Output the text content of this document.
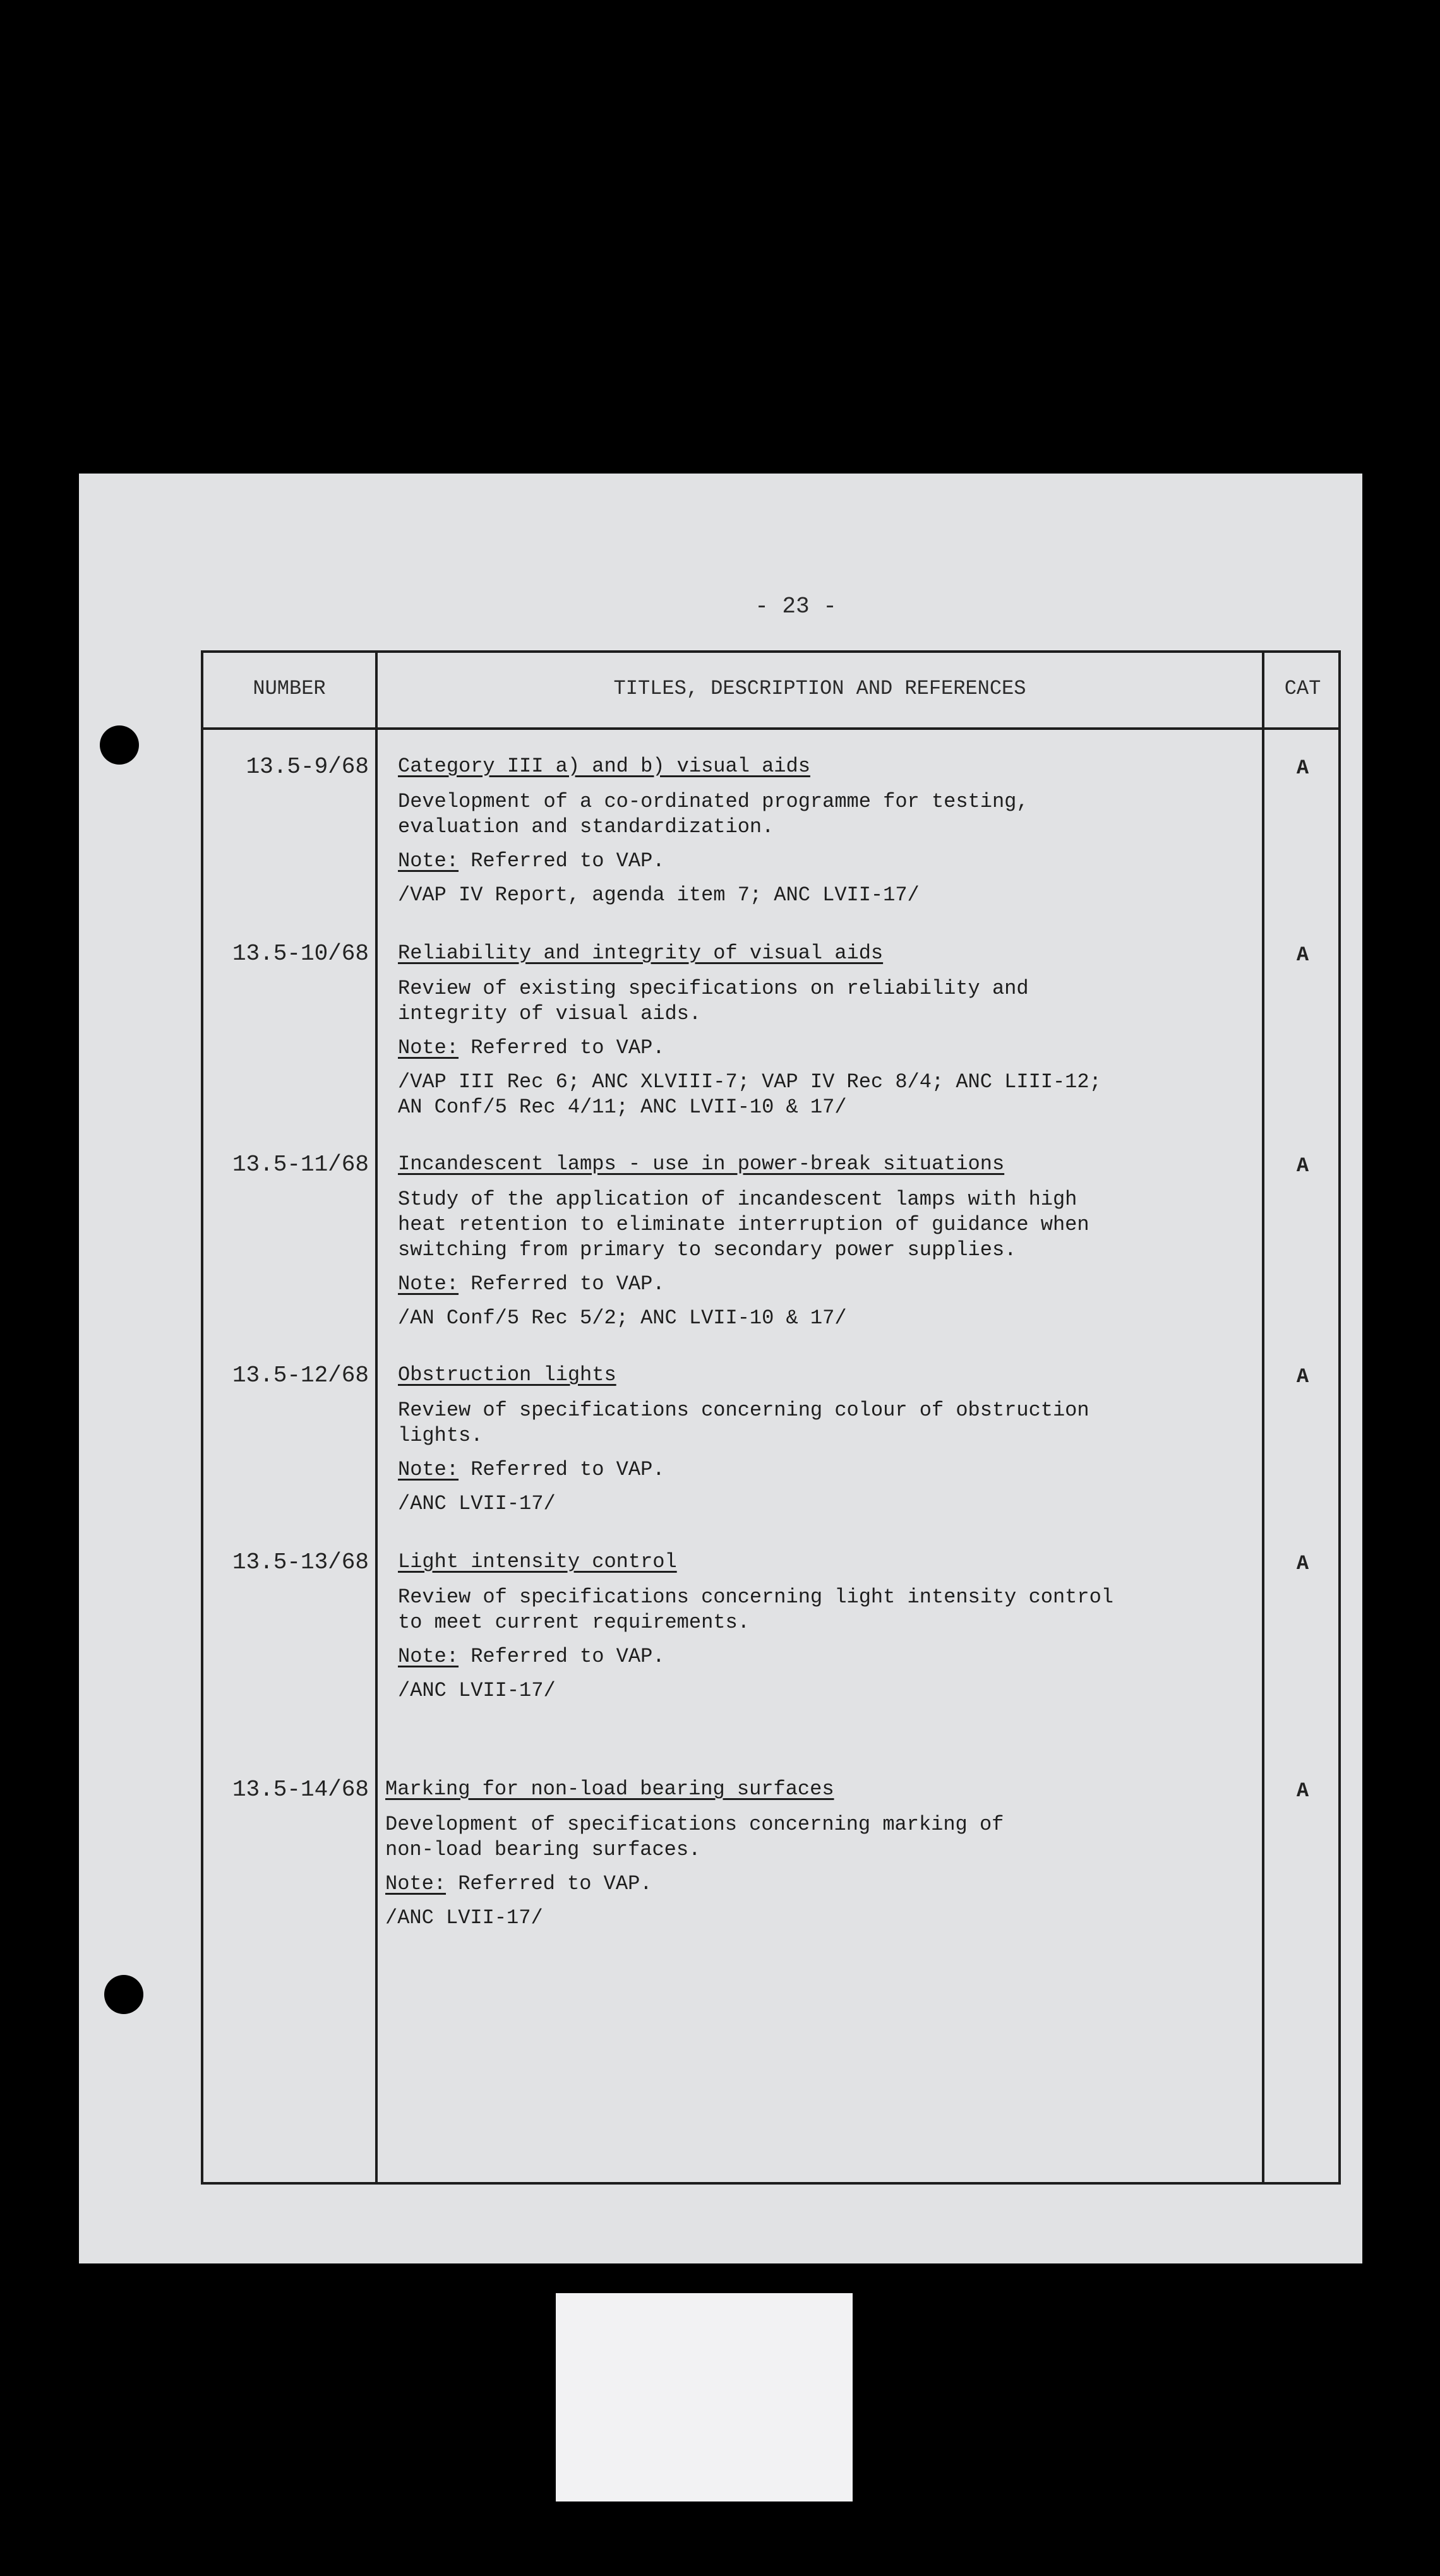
- 23 -
NUMBER	TITLES, DESCRIPTION AND REFERENCES	CAT
13.5-9/68 Category III a) and b) visual aids
Development of a co-ordinated programme for testing,
evaluation and standardization.
Note: Referred to VAP.
/VAP IV Report, agenda item 7; ANC LVII-17/
A
13.5-10/68 Reliability and integrity of visual aids
Review of existing specifications on reliability and
integrity of visual aids.
Note: Referred to VAP.
/VAP III Rec 6; ANC XLVIII-7; VAP IV Rec 8/4; ANC LIII-12;
AN Conf/5 Rec 4/11; ANC LVII-10 & 17/
A
13.5-11/68 Incandescent lamps - use in power-break situations
Study of the application of incandescent lamps with high
heat retention to eliminate interruption of guidance when
switching from primary to secondary power supplies.
Note: Referred to VAP.
/AN Conf/5 Rec 5/2; ANC LVII-10 & 17/
A
13.5-12/68 Obstruction lights
Review of specifications concerning colour of obstruction
lights.
Note: Referred to VAP.
/ANC LVII-17/
A
13.5-13/68 Light intensity control
Review of specifications concerning light intensity control
to meet current requirements.
Note: Referred to VAP.
/ANC LVII-17/
A
13.5-14/68 Marking for non-load bearing surfaces
Development of specifications concerning marking of
non-load bearing surfaces.
Note: Referred to VAP.
/ANC LVII-17/
A
